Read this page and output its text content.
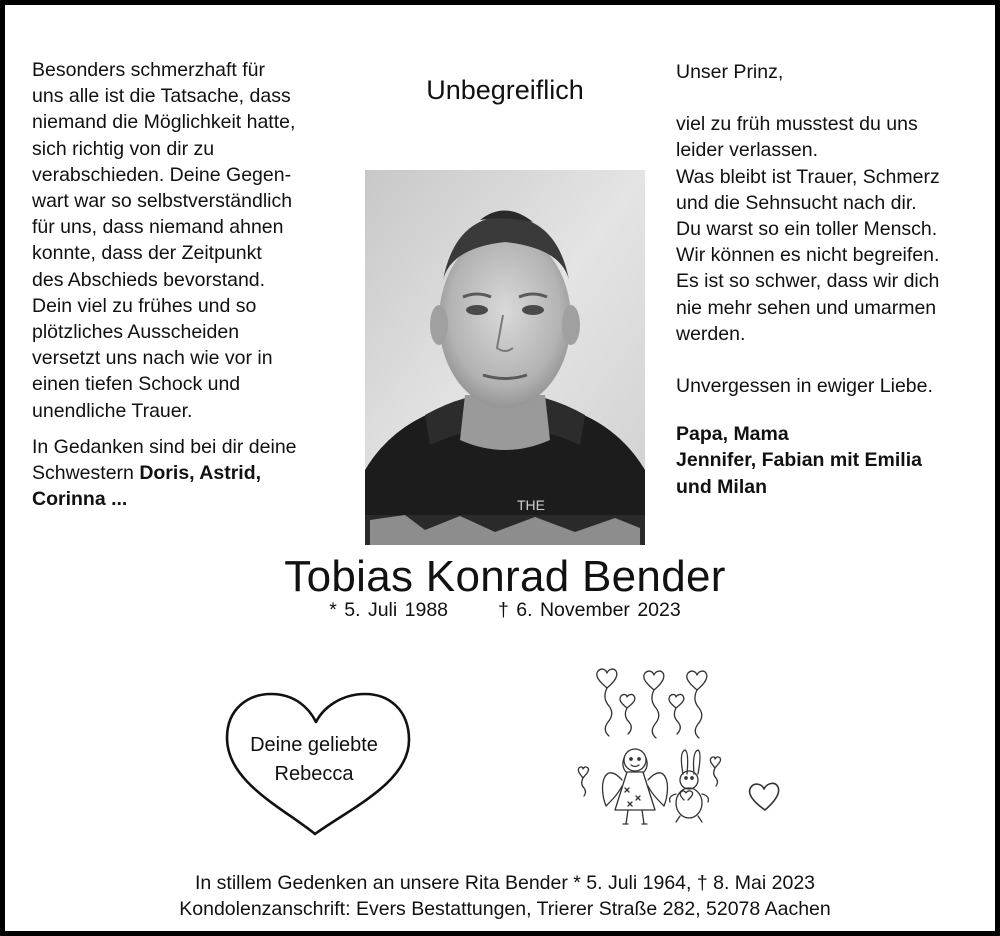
Besonders schmerzhaft für
uns alle ist die Tatsache, dass
niemand die Möglichkeit hatte,
sich richtig von dir zu
verabschieden. Deine Gegen-
wart war so selbstverständlich
für uns, dass niemand ahnen
konnte, dass der Zeitpunkt
des Abschieds bevorstand.
Dein viel zu frühes und so
plötzliches Ausscheiden
versetzt uns nach wie vor in
einen tiefen Schock und
unendliche Trauer.

In Gedanken sind bei dir deine
Schwestern Doris, Astrid,
Corinna ...

Unbegreiflich
THE

Unser Prinz,

viel zu früh musstest du uns
leider verlassen.
Was bleibt ist Trauer, Schmerz
und die Sehnsucht nach dir.
Du warst so ein toller Mensch.
Wir können es nicht begreifen.
Es ist so schwer, dass wir dich
nie mehr sehen und umarmen
werden.

Unvergessen in ewiger Liebe.

Papa, Mama
Jennifer, Fabian mit Emilia
und Milan

Tobias Konrad Bender
* 5. Juli 1988	† 6. November 2023
Deine geliebte
Rebecca
In stillem Gedenken an unsere Rita Bender * 5. Juli 1964, † 8. Mai 2023
Kondolenzanschrift: Evers Bestattungen, Trierer Straße 282, 52078 Aachen
